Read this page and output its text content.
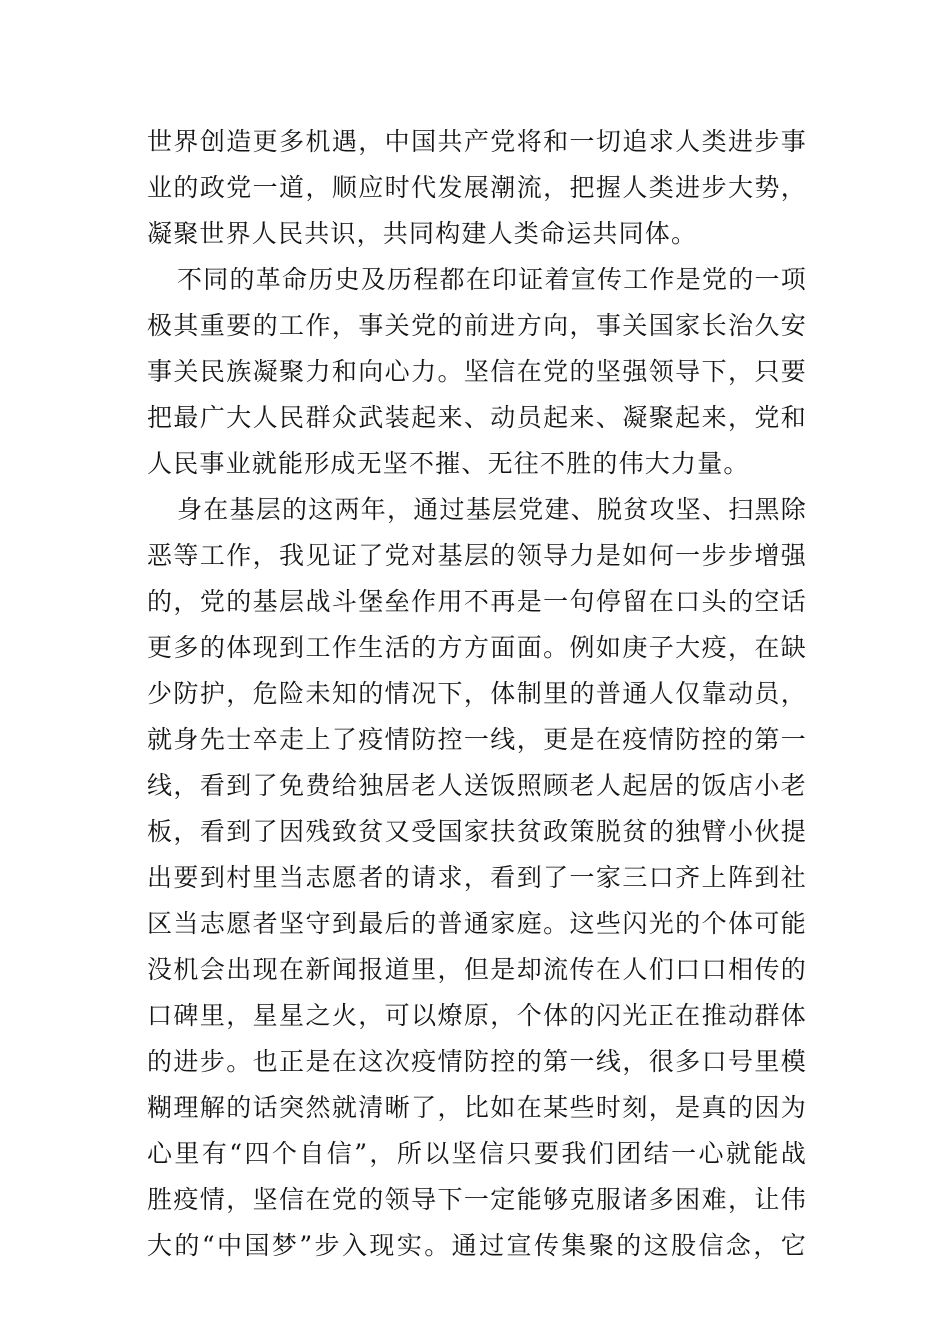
世界创造更多机遇，中国共产党将和一切追求人类进步事
业的政党一道，顺应时代发展潮流，把握人类进步大势，
凝聚世界人民共识，共同构建人类命运共同体。
不同的革命历史及历程都在印证着宣传工作是党的一项
极其重要的工作，事关党的前进方向，事关国家长治久安
事关民族凝聚力和向心力。坚信在党的坚强领导下，只要
把最广大人民群众武装起来、动员起来、凝聚起来，党和
人民事业就能形成无坚不摧、无往不胜的伟大力量。
身在基层的这两年，通过基层党建、脱贫攻坚、扫黑除
恶等工作，我见证了党对基层的领导力是如何一步步增强
的，党的基层战斗堡垒作用不再是一句停留在口头的空话
更多的体现到工作生活的方方面面。例如庚子大疫，在缺
少防护，危险未知的情况下，体制里的普通人仅靠动员，
就身先士卒走上了疫情防控一线，更是在疫情防控的第一
线，看到了免费给独居老人送饭照顾老人起居的饭店小老
板，看到了因残致贫又受国家扶贫政策脱贫的独臂小伙提
出要到村里当志愿者的请求，看到了一家三口齐上阵到社
区当志愿者坚守到最后的普通家庭。这些闪光的个体可能
没机会出现在新闻报道里，但是却流传在人们口口相传的
口碑里，星星之火，可以燎原，个体的闪光正在推动群体
的进步。也正是在这次疫情防控的第一线，很多口号里模
糊理解的话突然就清晰了，比如在某些时刻，是真的因为
心里有“四个自信”，所以坚信只要我们团结一心就能战
胜疫情，坚信在党的领导下一定能够克服诸多困难，让伟
大的“中国梦”步入现实。通过宣传集聚的这股信念，它
